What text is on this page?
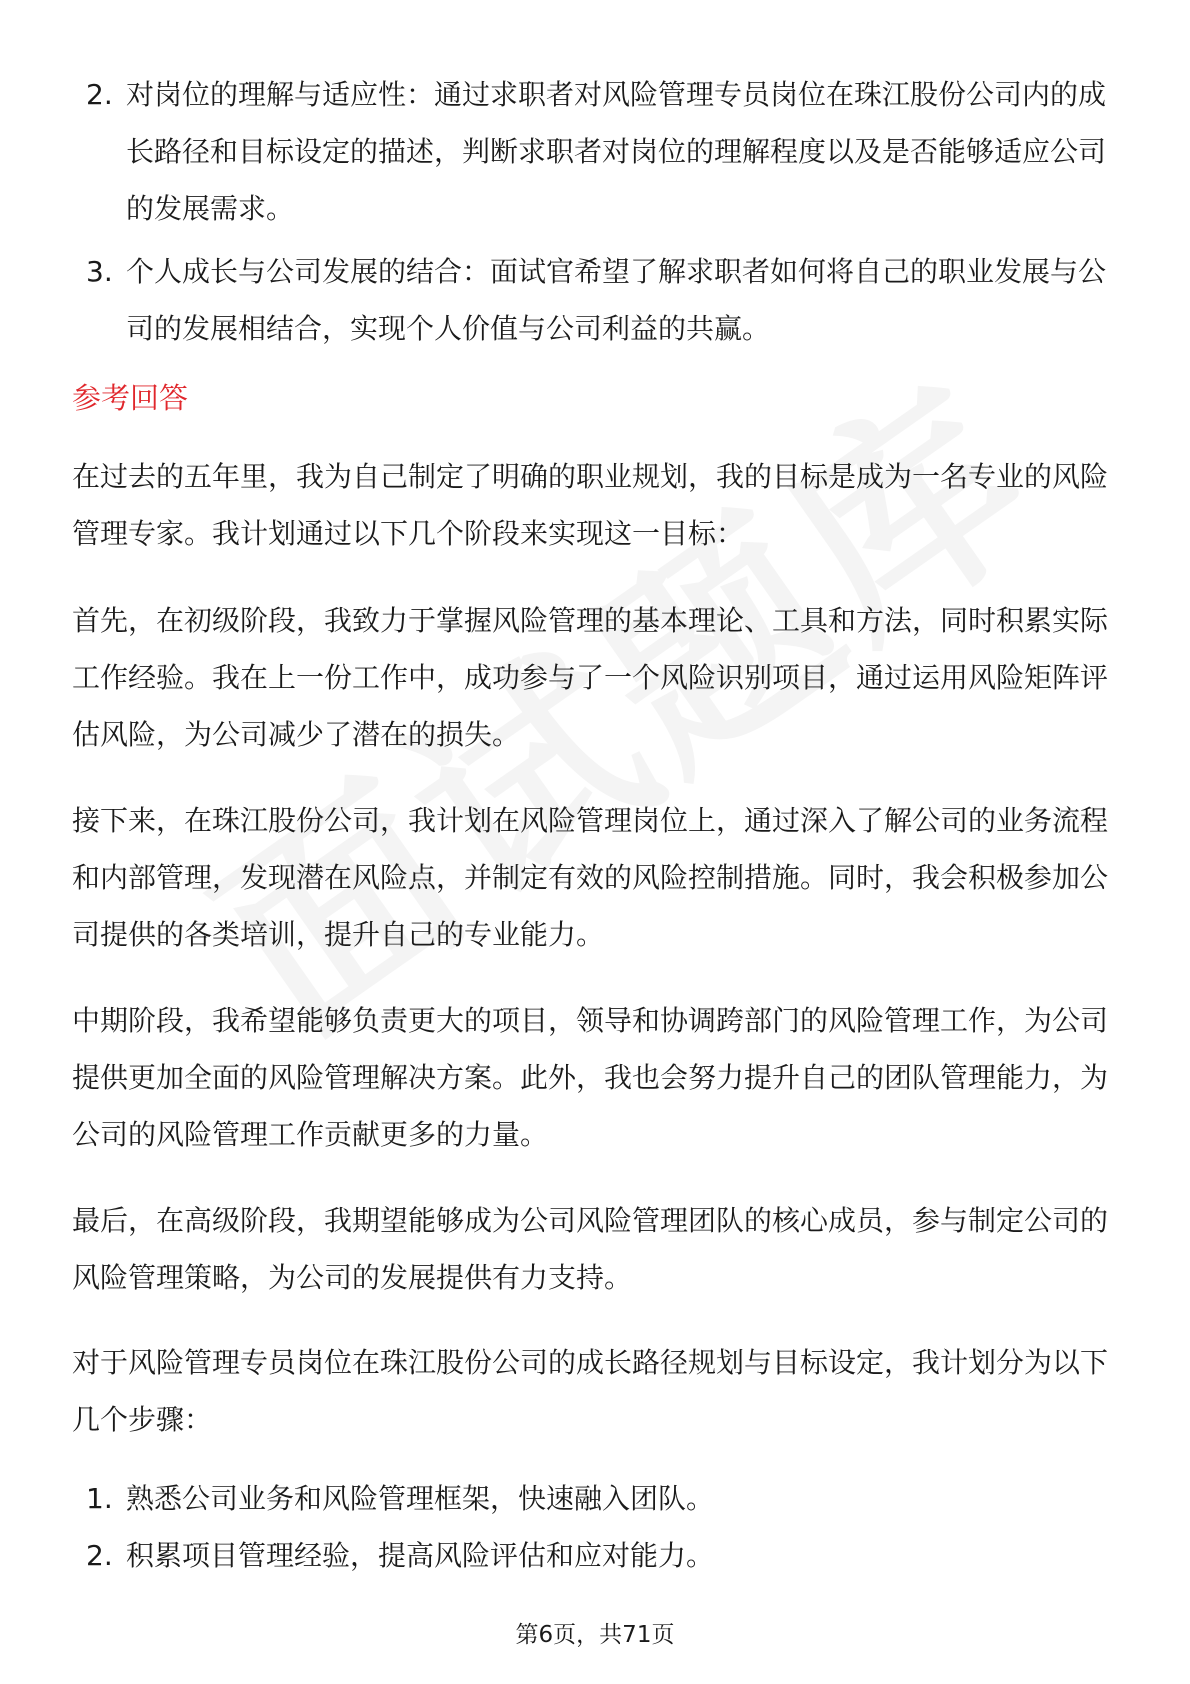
2. 对岗位的理解与适应性：通过求职者对风险管理专员岗位在珠江股份公司内的成长路径和目标设定的描述，判断求职者对岗位的理解程度以及是否能够适应公司的发展需求。
3. 个人成长与公司发展的结合：面试官希望了解求职者如何将自己的职业发展与公司的发展相结合，实现个人价值与公司利益的共赢。
参考回答

在过去的五年里，我为自己制定了明确的职业规划，我的目标是成为一名专业的风险管理专家。我计划通过以下几个阶段来实现这一目标：

首先，在初级阶段，我致力于掌握风险管理的基本理论、工具和方法，同时积累实际工作经验。我在上一份工作中，成功参与了一个风险识别项目，通过运用风险矩阵评估风险，为公司减少了潜在的损失。

接下来，在珠江股份公司，我计划在风险管理岗位上，通过深入了解公司的业务流程和内部管理，发现潜在风险点，并制定有效的风险控制措施。同时，我会积极参加公司提供的各类培训，提升自己的专业能力。

中期阶段，我希望能够负责更大的项目，领导和协调跨部门的风险管理工作，为公司提供更加全面的风险管理解决方案。此外，我也会努力提升自己的团队管理能力，为公司的风险管理工作贡献更多的力量。

最后，在高级阶段，我期望能够成为公司风险管理团队的核心成员，参与制定公司的风险管理策略，为公司的发展提供有力支持。

对于风险管理专员岗位在珠江股份公司的成长路径规划与目标设定，我计划分为以下几个步骤：

1. 熟悉公司业务和风险管理框架，快速融入团队。
2. 积累项目管理经验，提高风险评估和应对能力。
第6页，共71页
